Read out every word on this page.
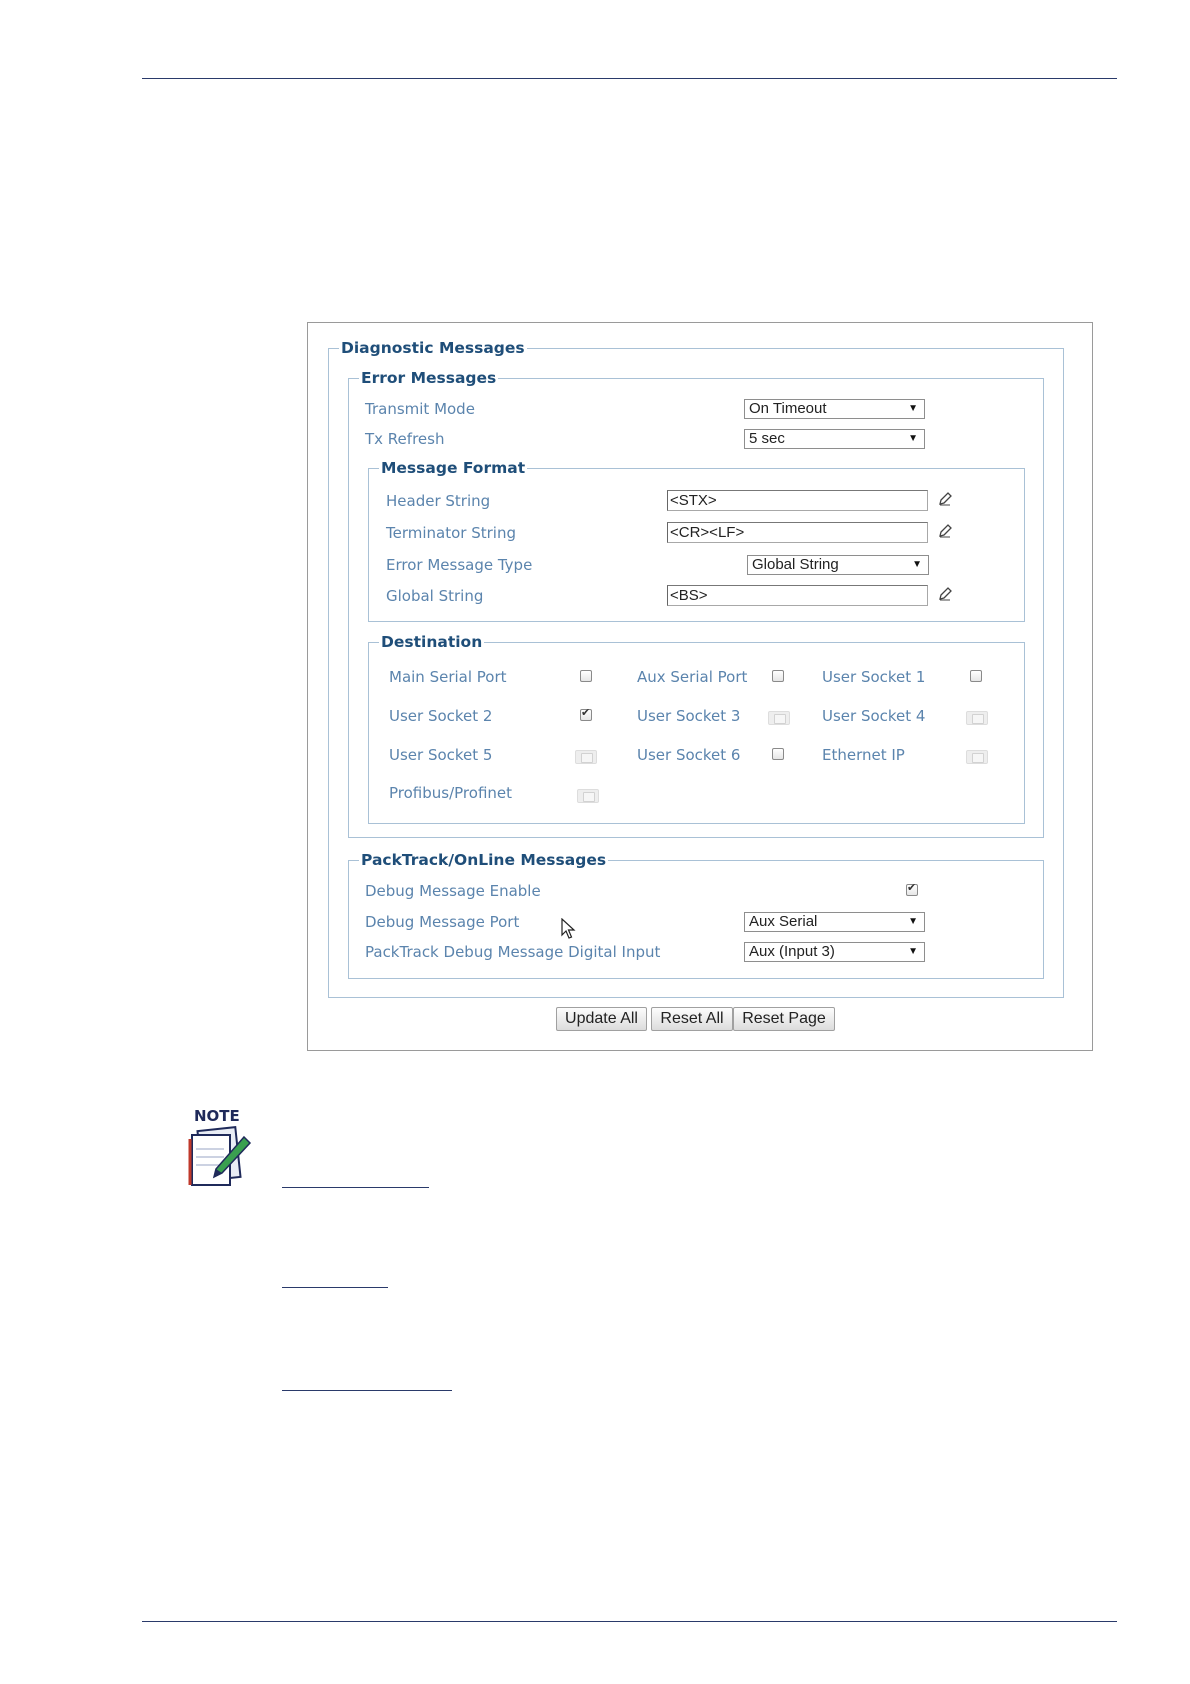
Diagnostic Messages
Error Messages
Transmit Mode	On Timeout	▼
Tx Refresh	5 sec	▼
Message Format
Header String	<STX>
Terminator String	<CR><LF>
Error Message Type	Global String	▼
Global String	<BS>
Destination
Main Serial Port	Aux Serial Port	User Socket 1
User Socket 2
✔	User Socket 3	User Socket 4
User Socket 5	User Socket 6	Ethernet IP
Profibus/Profinet
PackTrack/OnLine Messages
Debug Message Enable
✔
Debug Message Port	Aux Serial	▼
PackTrack Debug Message Digital Input	Aux (Input 3)	▼
Update All	Reset All	Reset Page
NOTE
